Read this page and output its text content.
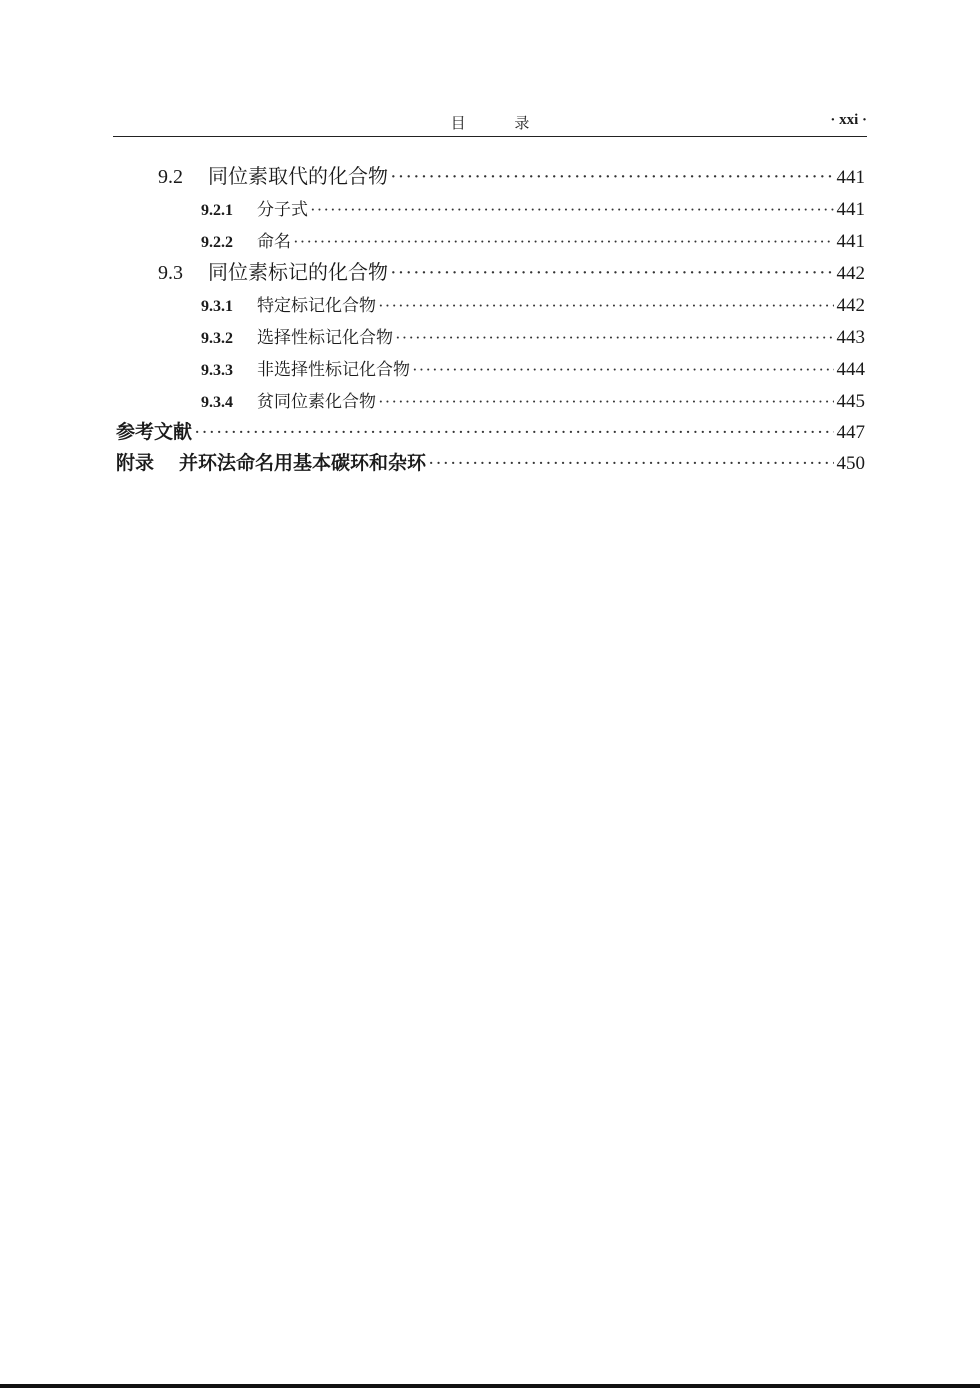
目	录	· xxi ·
9.2	同位素取代的化合物 ·····	441
9.2.1	分子式 ·····	441
9.2.2	命名 ·····	441
9.3	同位素标记的化合物 ·····	442
9.3.1	特定标记化合物 ·····	442
9.3.2	选择性标记化合物 ·····	443
9.3.3	非选择性标记化合物 ·····	444
9.3.4	贫同位素化合物 ·····	445
参考文献 ·····	447
附录	并环法命名用基本碳环和杂环 ·····	450
